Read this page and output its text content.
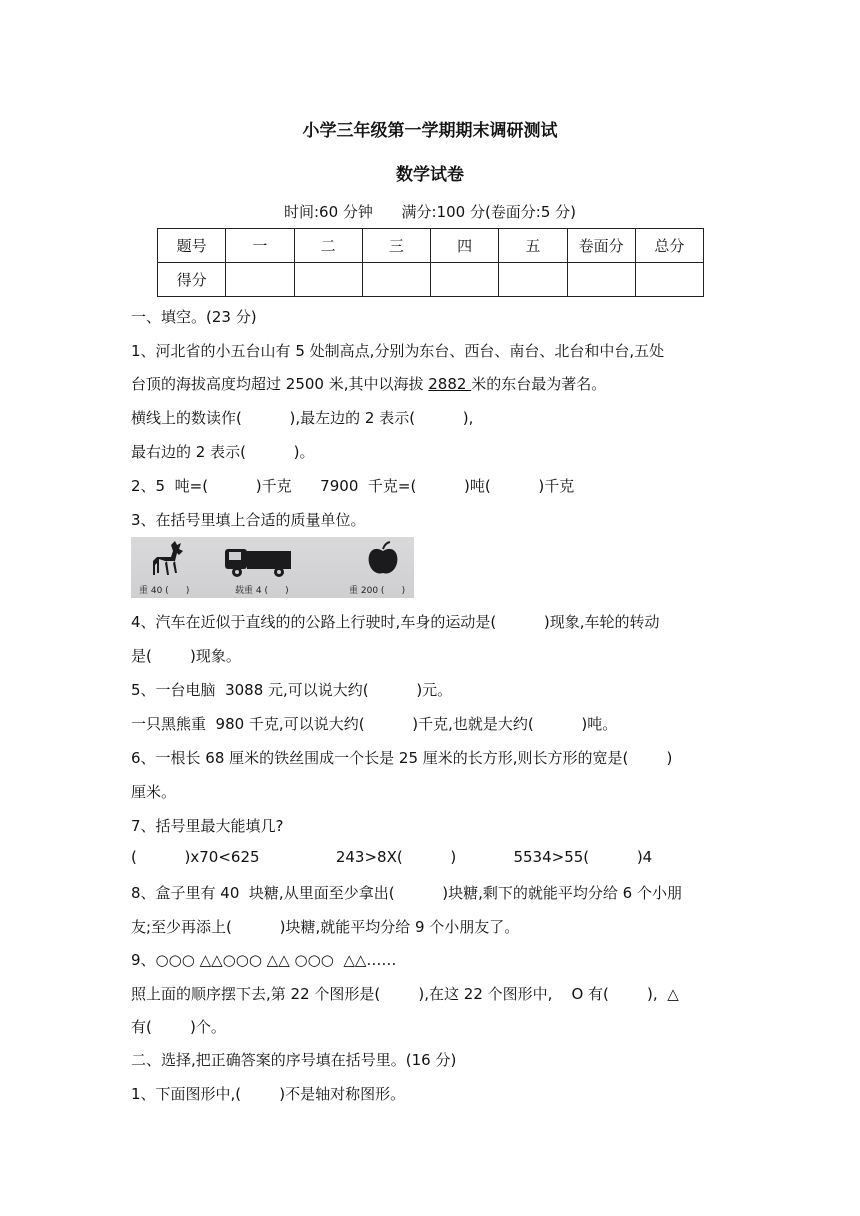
小学三年级第一学期期末调研测试
数学试卷
时间:60 分钟      满分:100 分(卷面分:5 分)
题号	一	二	三	四	五	卷面分	总分
得分							
一、填空。(23 分)
1、河北省的小五台山有 5 处制高点,分别为东台、西台、南台、北台和中台,五处
台顶的海拔高度均超过 2500 米,其中以海拔 2882 米的东台最为著名。
横线上的数读作(          ),最左边的 2 表示(          ),
最右边的 2 表示(          )。
2、5  吨=(          )千克      7900  千克=(          )吨(          )千克
3、在括号里填上合适的质量单位。
重 40 (      )	载重 4 (      )	重 200 (      )
4、汽车在近似于直线的的公路上行驶时,车身的运动是(          )现象,车轮的转动
是(        )现象。
5、一台电脑  3088 元,可以说大约(          )元。
一只黑熊重  980 千克,可以说大约(          )千克,也就是大约(          )吨。
6、一根长 68 厘米的铁丝围成一个长是 25 厘米的长方形,则长方形的宽是(        )
厘米。
7、括号里最大能填几?
(          )x70<625                243>8X(          )            5534>55(          )4
8、盒子里有 40  块糖,从里面至少拿出(          )块糖,剩下的就能平均分给 6 个小朋
友;至少再添上(          )块糖,就能平均分给 9 个小朋友了。
9、○○○ △△○○○ △△ ○○○  △△……
照上面的顺序摆下去,第 22 个图形是(        ),在这 22 个图形中,    O 有(        ),  △
有(        )个。
二、选择,把正确答案的序号填在括号里。(16 分)
1、下面图形中,(        )不是轴对称图形。
